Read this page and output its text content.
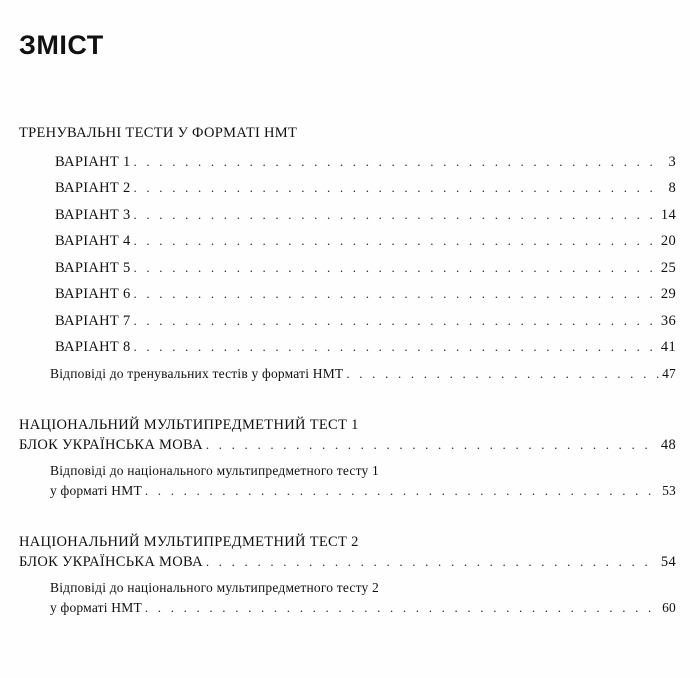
ЗМІСТ
ТРЕНУВАЛЬНІ ТЕСТИ У ФОРМАТІ НМТ
ВАРІАНТ 1 . . .	3
ВАРІАНТ 2 . . .	8
ВАРІАНТ 3 . . .	14
ВАРІАНТ 4 . . .	20
ВАРІАНТ 5 . . .	25
ВАРІАНТ 6 . . .	29
ВАРІАНТ 7 . . .	36
ВАРІАНТ 8 . . .	41
Відповіді до тренувальних тестів у форматі НМТ . . .	47
НАЦІОНАЛЬНИЙ МУЛЬТИПРЕДМЕТНИЙ ТЕСТ 1
БЛОК УКРАЇНСЬКА МОВА . . .	48
Відповіді до національного мультипредметного тесту 1
у форматі НМТ . . .	53
НАЦІОНАЛЬНИЙ МУЛЬТИПРЕДМЕТНИЙ ТЕСТ 2
БЛОК УКРАЇНСЬКА МОВА . . .	54
Відповіді до національного мультипредметного тесту 2
у форматі НМТ . . .	60
